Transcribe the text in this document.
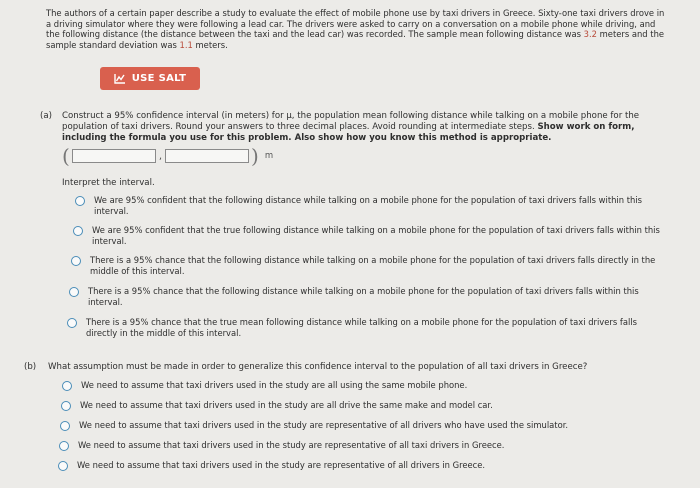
The authors of a certain paper describe a study to evaluate the effect of mobile phone use by taxi drivers in Greece. Sixty-one taxi drivers drove in a driving simulator where they were following a lead car. The drivers were asked to carry on a conversation on a mobile phone while driving, and the following distance (the distance between the taxi and the lead car) was recorded. The sample mean following distance was 3.2 meters and the sample standard deviation was 1.1 meters.
USE SALT
(a)	Construct a 95% confidence interval (in meters) for μ, the population mean following distance while talking on a mobile phone for the population of taxi drivers. Round your answers to three decimal places. Avoid rounding at intermediate steps. Show work on form, including the formula you use for this problem. Also show how you know this method is appropriate.
(	,	) m
Interpret the interval.
We are 95% confident that the following distance while talking on a mobile phone for the population of taxi drivers falls within this interval.
We are 95% confident that the true following distance while talking on a mobile phone for the population of taxi drivers falls within this interval.
There is a 95% chance that the following distance while talking on a mobile phone for the population of taxi drivers falls directly in the middle of this interval.
There is a 95% chance that the following distance while talking on a mobile phone for the population of taxi drivers falls within this interval.
There is a 95% chance that the true mean following distance while talking on a mobile phone for the population of taxi drivers falls directly in the middle of this interval.
(b)	What assumption must be made in order to generalize this confidence interval to the population of all taxi drivers in Greece?
We need to assume that taxi drivers used in the study are all using the same mobile phone.
We need to assume that taxi drivers used in the study are all drive the same make and model car.
We need to assume that taxi drivers used in the study are representative of all drivers who have used the simulator.
We need to assume that taxi drivers used in the study are representative of all taxi drivers in Greece.
We need to assume that taxi drivers used in the study are representative of all drivers in Greece.
